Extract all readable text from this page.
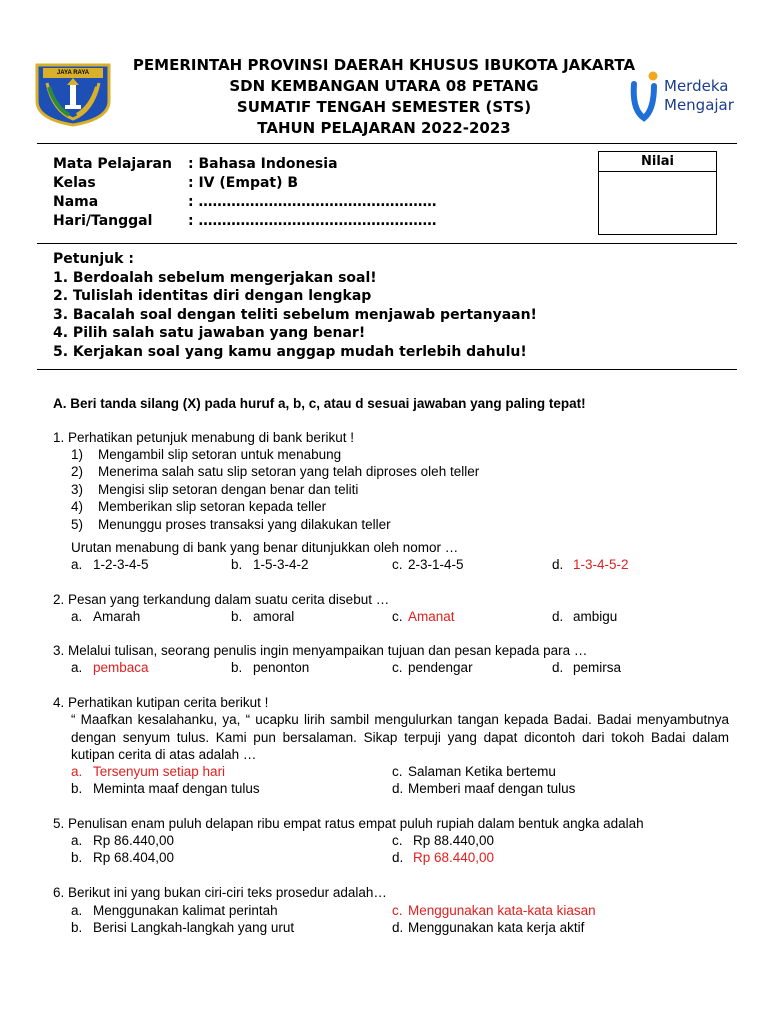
JAYA RAYA	PEMERINTAH PROVINSI DAERAH KHUSUS IBUKOTA JAKARTA
SDN KEMBANGAN UTARA 08 PETANG
SUMATIF TENGAH SEMESTER (STS)
TAHUN PELAJARAN 2022-2023
Merdeka
Mengajar
Mata Pelajaran : Bahasa Indonesia
Kelas	: IV (Empat) B
Nama	: ……………………………………………
Hari/Tanggal	: ……………………………………………
Nilai
Petunjuk :
1. Berdoalah sebelum mengerjakan soal!
2. Tulislah identitas diri dengan lengkap
3. Bacalah soal dengan teliti sebelum menjawab pertanyaan!
4. Pilih salah satu jawaban yang benar!
5. Kerjakan soal yang kamu anggap mudah terlebih dahulu!
A. Beri tanda silang (X) pada huruf a, b, c, atau d sesuai jawaban yang paling tepat!
1. Perhatikan petunjuk menabung di bank berikut !
1) Mengambil slip setoran untuk menabung
2) Menerima salah satu slip setoran yang telah diproses oleh teller
3) Mengisi slip setoran dengan benar dan teliti
4) Memberikan slip setoran kepada teller
5) Menunggu proses transaksi yang dilakukan teller
Urutan menabung di bank yang benar ditunjukkan oleh nomor …
a. 1-2-3-4-5	b. 1-5-3-4-2	c. 2-3-1-4-5	d. 1-3-4-5-2
2. Pesan yang terkandung dalam suatu cerita disebut …
a. Amarah	b. amoral	c. Amanat	d. ambigu
3. Melalui tulisan, seorang penulis ingin menyampaikan tujuan dan pesan kepada para …
a. pembaca	b. penonton	c. pendengar	d. pemirsa
4. Perhatikan kutipan cerita berikut !
“ Maafkan kesalahanku, ya, “ ucapku lirih sambil mengulurkan tangan kepada Badai. Badai menyambutnya dengan senyum tulus. Kami pun bersalaman. Sikap terpuji yang dapat dicontoh dari tokoh Badai dalam kutipan cerita di atas adalah …
a. Tersenyum setiap hari	c. Salaman Ketika bertemu
b. Meminta maaf dengan tulus	d. Memberi maaf dengan tulus
5. Penulisan enam puluh delapan ribu empat ratus empat puluh rupiah dalam bentuk angka adalah
a. Rp 86.440,00	c. Rp 88.440,00
b. Rp 68.404,00	d. Rp 68.440,00
6. Berikut ini yang bukan ciri-ciri teks prosedur adalah…
a. Menggunakan kalimat perintah	c. Menggunakan kata-kata kiasan
b. Berisi Langkah-langkah yang urut	d. Menggunakan kata kerja aktif
